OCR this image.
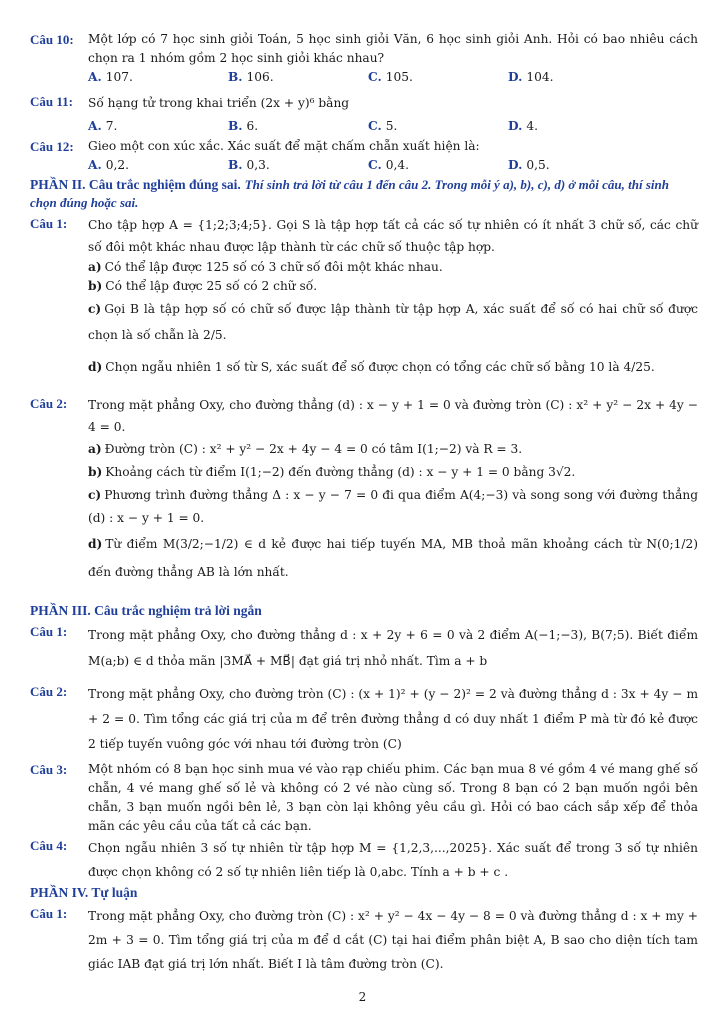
Câu 10: Một lớp có 7 học sinh giỏi Toán, 5 học sinh giỏi Văn, 6 học sinh giỏi Anh. Hỏi có bao nhiêu cách chọn ra 1 nhóm gồm 2 học sinh giỏi khác nhau?
A. 107.	B. 106.	C. 105.	D. 104.
Câu 11: Số hạng tử trong khai triển (2x + y)⁶ bằng
A. 7.	B. 6.	C. 5.	D. 4.
Câu 12: Gieo một con xúc xắc. Xác suất để mặt chấm chẵn xuất hiện là:
A. 0,2.	B. 0,3.	C. 0,4.	D. 0,5.
PHẦN II. Câu trắc nghiệm đúng sai. Thí sinh trả lời từ câu 1 đến câu 2. Trong mỗi ý a), b), c), d) ở mỗi câu, thí sinh chọn đúng hoặc sai.
Câu 1: Cho tập hợp A = {1;2;3;4;5}. Gọi S là tập hợp tất cả các số tự nhiên có ít nhất 3 chữ số, các chữ số đôi một khác nhau được lập thành từ các chữ số thuộc tập hợp.
a) Có thể lập được 125 số có 3 chữ số đôi một khác nhau.
b) Có thể lập được 25 số có 2 chữ số.
c) Gọi B là tập hợp số có chữ số được lập thành từ tập hợp A, xác suất để số có hai chữ số được chọn là số chẵn là 2/5.
d) Chọn ngẫu nhiên 1 số từ S, xác suất để số được chọn có tổng các chữ số bằng 10 là 4/25.
Câu 2: Trong mặt phẳng Oxy, cho đường thẳng (d) : x − y + 1 = 0 và đường tròn (C) : x² + y² − 2x + 4y − 4 = 0.
a) Đường tròn (C) : x² + y² − 2x + 4y − 4 = 0 có tâm I(1;−2) và R = 3.
b) Khoảng cách từ điểm I(1;−2) đến đường thẳng (d) : x − y + 1 = 0 bằng 3√2.
c) Phương trình đường thẳng Δ : x − y − 7 = 0 đi qua điểm A(4;−3) và song song với đường thẳng (d) : x − y + 1 = 0.
d) Từ điểm M(3/2;−1/2) ∈ d kẻ được hai tiếp tuyến MA, MB thoả mãn khoảng cách từ N(0;1/2) đến đường thẳng AB là lớn nhất.
PHẦN III. Câu trắc nghiệm trả lời ngắn
Câu 1: Trong mặt phẳng Oxy, cho đường thẳng d : x + 2y + 6 = 0 và 2 điểm A(−1;−3), B(7;5). Biết điểm M(a;b) ∈ d thỏa mãn |3MA⃗ + MB⃗| đạt giá trị nhỏ nhất. Tìm a + b
Câu 2: Trong mặt phẳng Oxy, cho đường tròn (C) : (x + 1)² + (y − 2)² = 2 và đường thẳng d : 3x + 4y − m + 2 = 0. Tìm tổng các giá trị của m để trên đường thẳng d có duy nhất 1 điểm P mà từ đó kẻ được 2 tiếp tuyến vuông góc với nhau tới đường tròn (C)
Câu 3: Một nhóm có 8 bạn học sinh mua vé vào rạp chiếu phim. Các bạn mua 8 vé gồm 4 vé mang ghế số chẵn, 4 vé mang ghế số lẻ và không có 2 vé nào cùng số. Trong 8 bạn có 2 bạn muốn ngồi bên chẵn, 3 bạn muốn ngồi bên lẻ, 3 bạn còn lại không yêu cầu gì. Hỏi có bao cách sắp xếp để thỏa mãn các yêu cầu của tất cả các bạn.
Câu 4: Chọn ngẫu nhiên 3 số tự nhiên từ tập hợp M = {1,2,3,...,2025}. Xác suất để trong 3 số tự nhiên được chọn không có 2 số tự nhiên liên tiếp là 0,abc. Tính a + b + c .
PHẦN IV. Tự luận
Câu 1: Trong mặt phẳng Oxy, cho đường tròn (C) : x² + y² − 4x − 4y − 8 = 0 và đường thẳng d : x + my + 2m + 3 = 0. Tìm tổng giá trị của m để d cắt (C) tại hai điểm phân biệt A, B sao cho diện tích tam giác IAB đạt giá trị lớn nhất. Biết I là tâm đường tròn (C).
2
